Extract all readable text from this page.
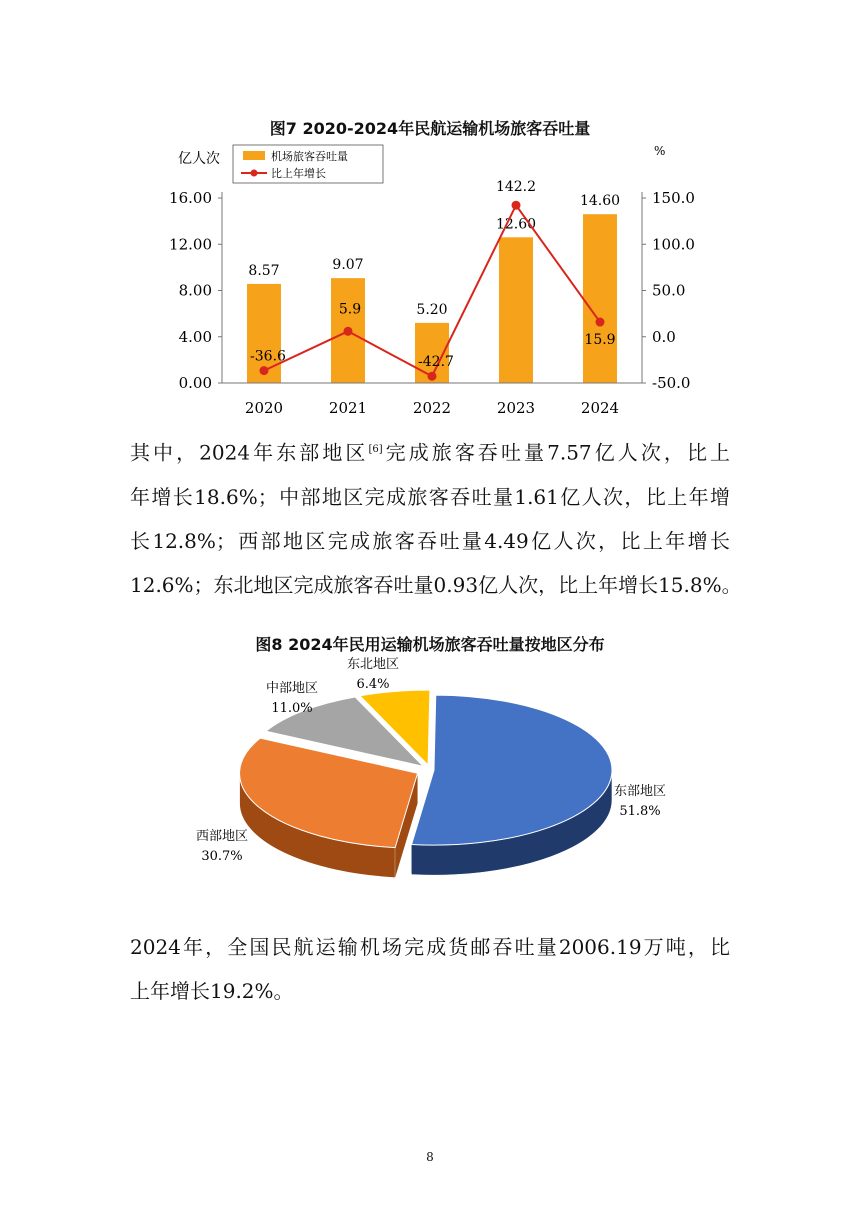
图7 2020-2024年民航运输机场旅客吞吐量
亿人次	%
8.57	9.07
5.20
12.60
14.60
-36.6
5.9
-42.7
142.2
15.9
0.00
4.00
8.00
12.00
16.00
-50.0
0.0
50.0
100.0
150.0
2020	2021	2022	2023	2024
机场旅客吞吐量
比上年增长
其中，2024年东部地区[6]完成旅客吞吐量7.57亿人次，比上
年增长18.6%；中部地区完成旅客吞吐量1.61亿人次，比上年增
长12.8%；西部地区完成旅客吞吐量4.49亿人次，比上年增长
12.6%；东北地区完成旅客吞吐量0.93亿人次，比上年增长15.8%。
图8 2024年民用运输机场旅客吞吐量按地区分布
东部地区
51.8%
西部地区
30.7%
中部地区
11.0%
东北地区
6.4%
2024年，全国民航运输机场完成货邮吞吐量2006.19万吨，比
上年增长19.2%。
8
